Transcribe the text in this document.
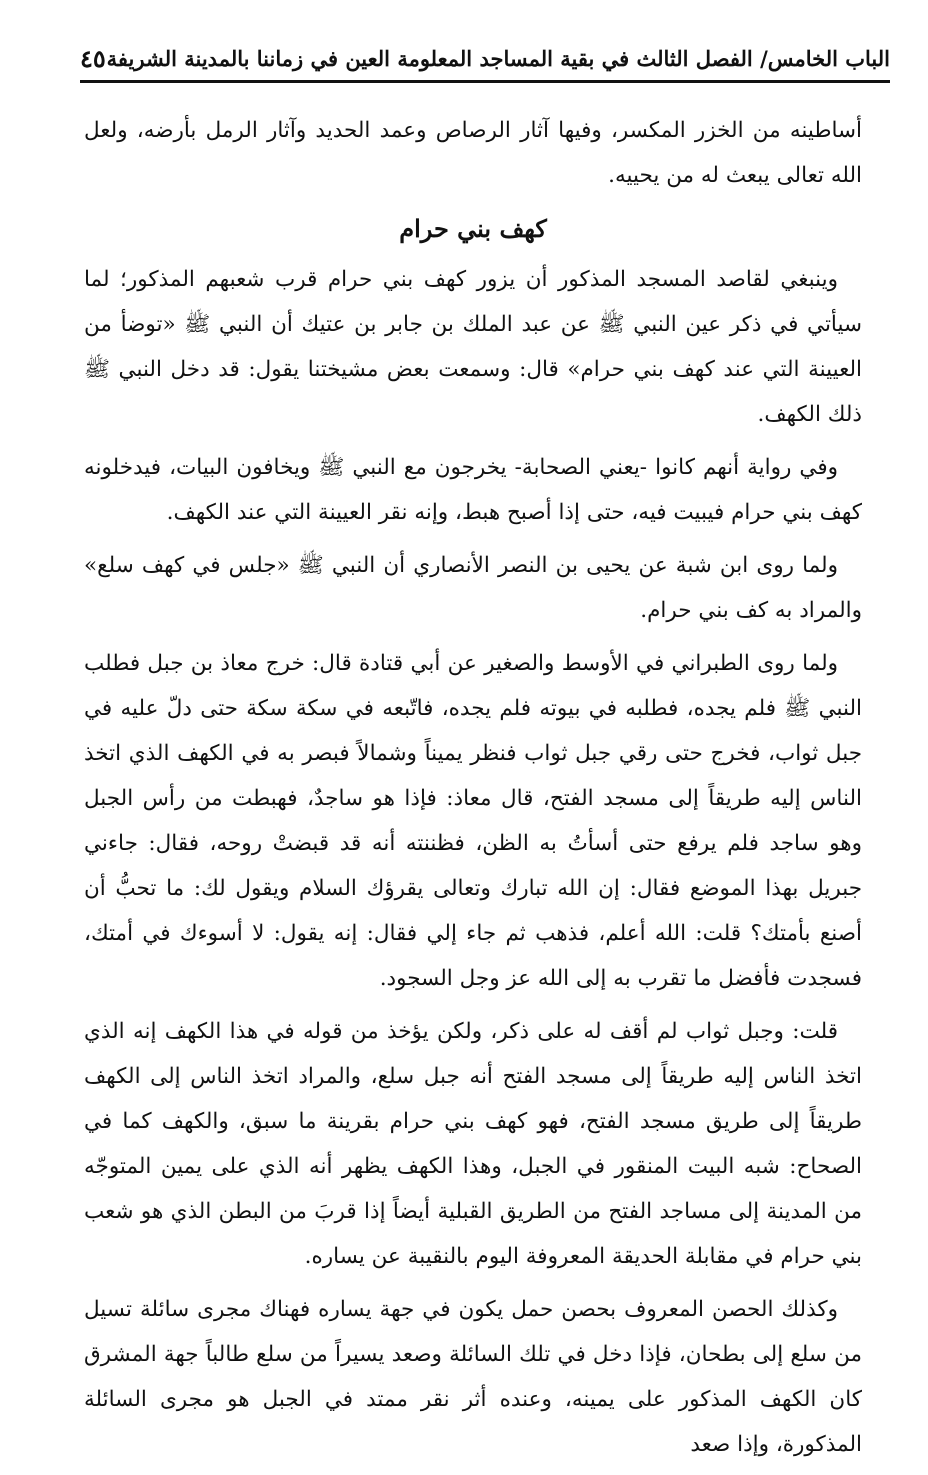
الباب الخامس/ الفصل الثالث في بقية المساجد المعلومة العين في زماننا بالمدينة الشريفة
٤٥

أساطينه من الخزر المكسر، وفيها آثار الرصاص وعمد الحديد وآثار الرمل بأرضه، ولعل الله تعالى يبعث له من يحييه.

كهف بني حرام

وينبغي لقاصد المسجد المذكور أن يزور كهف بني حرام قرب شعبهم المذكور؛ لما سيأتي في ذكر عين النبي ﷺ عن عبد الملك بن جابر بن عتيك أن النبي ﷺ «توضأ من العيينة التي عند كهف بني حرام» قال: وسمعت بعض مشيختنا يقول: قد دخل النبي ﷺ ذلك الكهف.

وفي رواية أنهم كانوا -يعني الصحابة- يخرجون مع النبي ﷺ ويخافون البيات، فيدخلونه كهف بني حرام فيبيت فيه، حتى إذا أصبح هبط، وإنه نقر العيينة التي عند الكهف.

ولما روى ابن شبة عن يحيى بن النصر الأنصاري أن النبي ﷺ «جلس في كهف سلع» والمراد به كف بني حرام.

ولما روى الطبراني في الأوسط والصغير عن أبي قتادة قال: خرج معاذ بن جبل فطلب النبي ﷺ فلم يجده، فطلبه في بيوته فلم يجده، فاتّبعه في سكة سكة حتى دلّ عليه في جبل ثواب، فخرج حتى رقي جبل ثواب فنظر يميناً وشمالاً فبصر به في الكهف الذي اتخذ الناس إليه طريقاً إلى مسجد الفتح، قال معاذ: فإذا هو ساجدٌ، فهبطت من رأس الجبل وهو ساجد فلم يرفع حتى أسأتُ به الظن، فظننته أنه قد قبضتْ روحه، فقال: جاءني جبريل بهذا الموضع فقال: إن الله تبارك وتعالى يقرؤك السلام ويقول لك: ما تحبُّ أن أصنع بأمتك؟ قلت: الله أعلم، فذهب ثم جاء إلي فقال: إنه يقول: لا أسوءك في أمتك، فسجدت فأفضل ما تقرب به إلى الله عز وجل السجود.

قلت: وجبل ثواب لم أقف له على ذكر، ولكن يؤخذ من قوله في هذا الكهف إنه الذي اتخذ الناس إليه طريقاً إلى مسجد الفتح أنه جبل سلع، والمراد اتخذ الناس إلى الكهف طريقاً إلى طريق مسجد الفتح، فهو كهف بني حرام بقرينة ما سبق، والكهف كما في الصحاح: شبه البيت المنقور في الجبل، وهذا الكهف يظهر أنه الذي على يمين المتوجّه من المدينة إلى مساجد الفتح من الطريق القبلية أيضاً إذا قربَ من البطن الذي هو شعب بني حرام في مقابلة الحديقة المعروفة اليوم بالنقيبة عن يساره.

وكذلك الحصن المعروف بحصن حمل يكون في جهة يساره فهناك مجرى سائلة تسيل من سلع إلى بطحان، فإذا دخل في تلك السائلة وصعد يسيراً من سلع طالباً جهة المشرق كان الكهف المذكور على يمينه، وعنده أثر نقر ممتد في الجبل هو مجرى السائلة المذكورة، وإذا صعد
